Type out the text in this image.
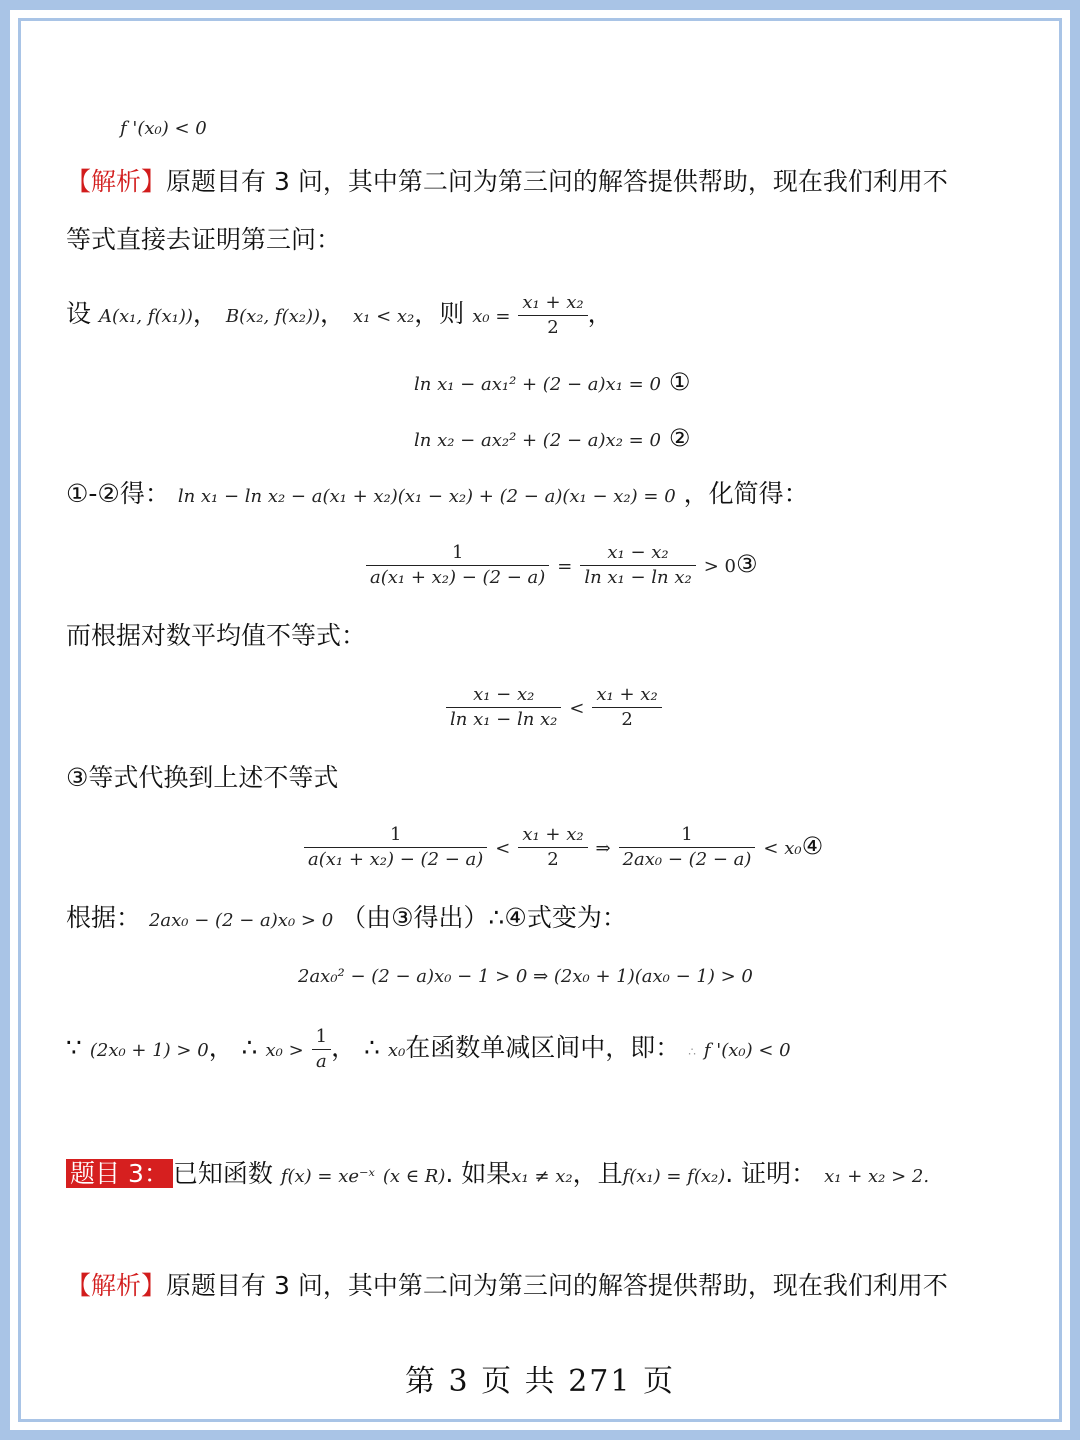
f '(x₀) < 0
【解析】原题目有 3 问，其中第二问为第三问的解答提供帮助，现在我们利用不
等式直接去证明第三问：
设 A(x₁, f(x₁))， B(x₂, f(x₂))， x₁ < x₂，则 $x_0 = \frac{\text{x₁ + x₂}}{2}$ ，
ln x₁ − ax₁² + (2 − a)x₁ = 0 ①
ln x₂ − ax₂² + (2 − a)x₂ = 0 ②
①-②得： ln x₁ − ln x₂ − a(x₁ + x₂)(x₁ − x₂) + (2 − a)(x₁ − x₂) = 0 ，化简得：
$\frac{1}{\text{a(x₁ + x₂) − (2 − a)}} = \frac{\text{x₁ − x₂}}{\text{ln x₁ − ln x₂}}$ > 0③
而根据对数平均值不等式：
$\frac{\text{x₁ − x₂}}{\text{ln x₁ − ln x₂}} < \frac{\text{x₁ + x₂}}{2}$
③等式代换到上述不等式
$\frac{1}{\text{a(x₁ + x₂) − (2 − a)}} < \frac{\text{x₁ + x₂}}{2}$ ⇒ $\frac{1}{\text{2ax₀ − (2 − a)}}$ < x₀④
根据： 2ax₀ − (2 − a)x₀ > 0 （由③得出）∴④式变为：
2ax₀² − (2 − a)x₀ − 1 > 0 ⇒ (2x₀ + 1)(ax₀ − 1) > 0
∵ (2x₀ + 1) > 0， ∴ $x_0 > \frac{1}{a}$ ， ∴ x₀在函数单减区间中，即： ∴ f '(x₀) < 0
题目 3： 已知函数 f(x) = xe⁻ˣ (x ∈ R). 如果x₁ ≠ x₂，且f(x₁) = f(x₂). 证明： x₁ + x₂ > 2.
【解析】原题目有 3 问，其中第二问为第三问的解答提供帮助，现在我们利用不
第 3 页 共 271 页
